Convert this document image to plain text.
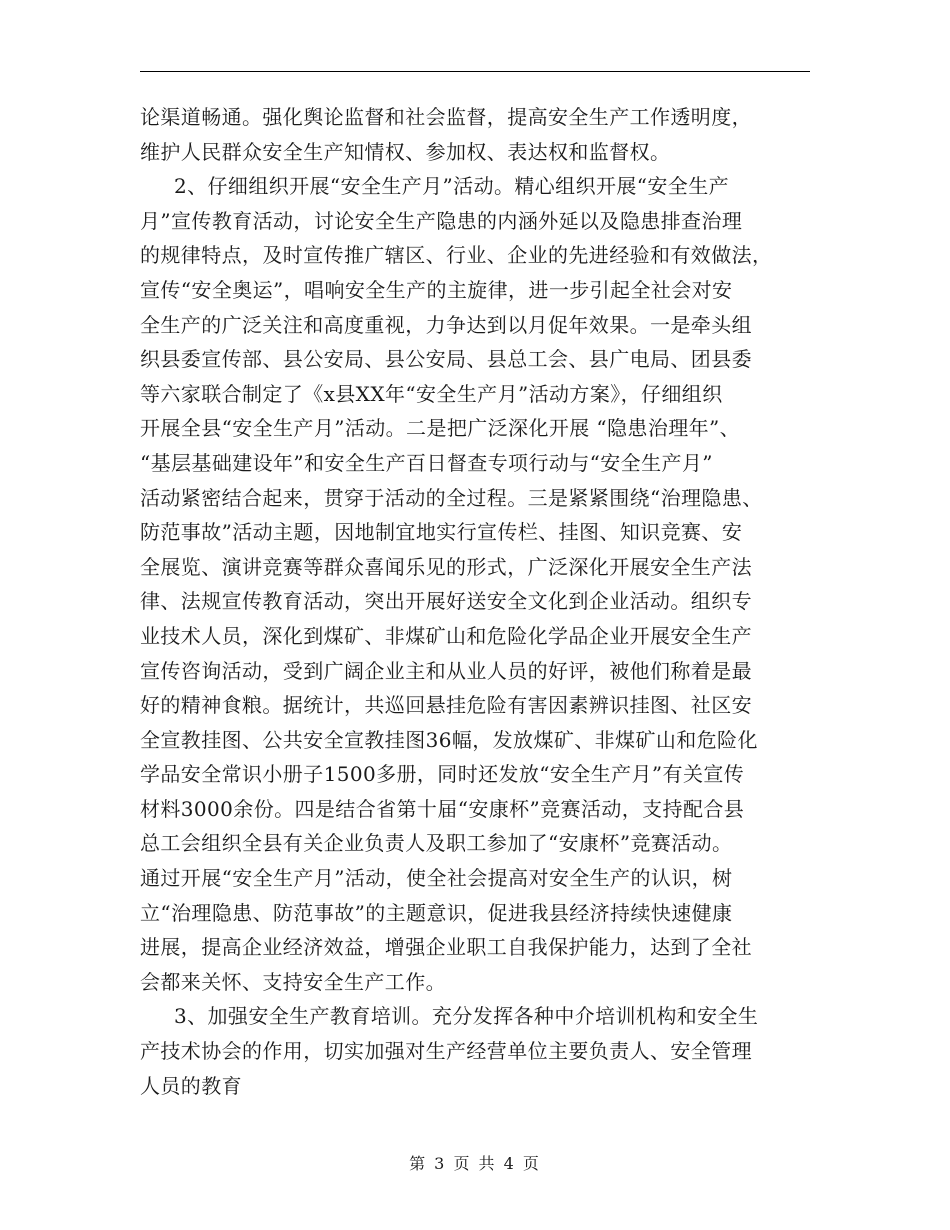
论渠道畅通。强化舆论监督和社会监督，提高安全生产工作透明度，
维护人民群众安全生产知情权、参加权、表达权和监督权。
2、仔细组织开展“安全生产月”活动。精心组织开展“安全生产
月”宣传教育活动，讨论安全生产隐患的内涵外延以及隐患排查治理
的规律特点，及时宣传推广辖区、行业、企业的先进经验和有效做法，
宣传“安全奥运”，唱响安全生产的主旋律，进一步引起全社会对安
全生产的广泛关注和高度重视，力争达到以月促年效果。一是牵头组
织县委宣传部、县公安局、县公安局、县总工会、县广电局、团县委
等六家联合制定了《x县XX年“安全生产月”活动方案》，仔细组织
开展全县“安全生产月”活动。二是把广泛深化开展 “隐患治理年”、
“基层基础建设年”和安全生产百日督查专项行动与“安全生产月”
活动紧密结合起来，贯穿于活动的全过程。三是紧紧围绕“治理隐患、
防范事故”活动主题，因地制宜地实行宣传栏、挂图、知识竞赛、安
全展览、演讲竞赛等群众喜闻乐见的形式，广泛深化开展安全生产法
律、法规宣传教育活动，突出开展好送安全文化到企业活动。组织专
业技术人员，深化到煤矿、非煤矿山和危险化学品企业开展安全生产
宣传咨询活动，受到广阔企业主和从业人员的好评，被他们称着是最
好的精神食粮。据统计，共巡回悬挂危险有害因素辨识挂图、社区安
全宣教挂图、公共安全宣教挂图36幅，发放煤矿、非煤矿山和危险化
学品安全常识小册子1500多册，同时还发放“安全生产月”有关宣传
材料3000余份。四是结合省第十届“安康杯”竞赛活动，支持配合县
总工会组织全县有关企业负责人及职工参加了“安康杯”竞赛活动。
通过开展“安全生产月”活动，使全社会提高对安全生产的认识，树
立“治理隐患、防范事故”的主题意识，促进我县经济持续快速健康
进展，提高企业经济效益，增强企业职工自我保护能力，达到了全社
会都来关怀、支持安全生产工作。
3、加强安全生产教育培训。充分发挥各种中介培训机构和安全生
产技术协会的作用，切实加强对生产经营单位主要负责人、安全管理
人员的教育
第 3 页 共 4 页
